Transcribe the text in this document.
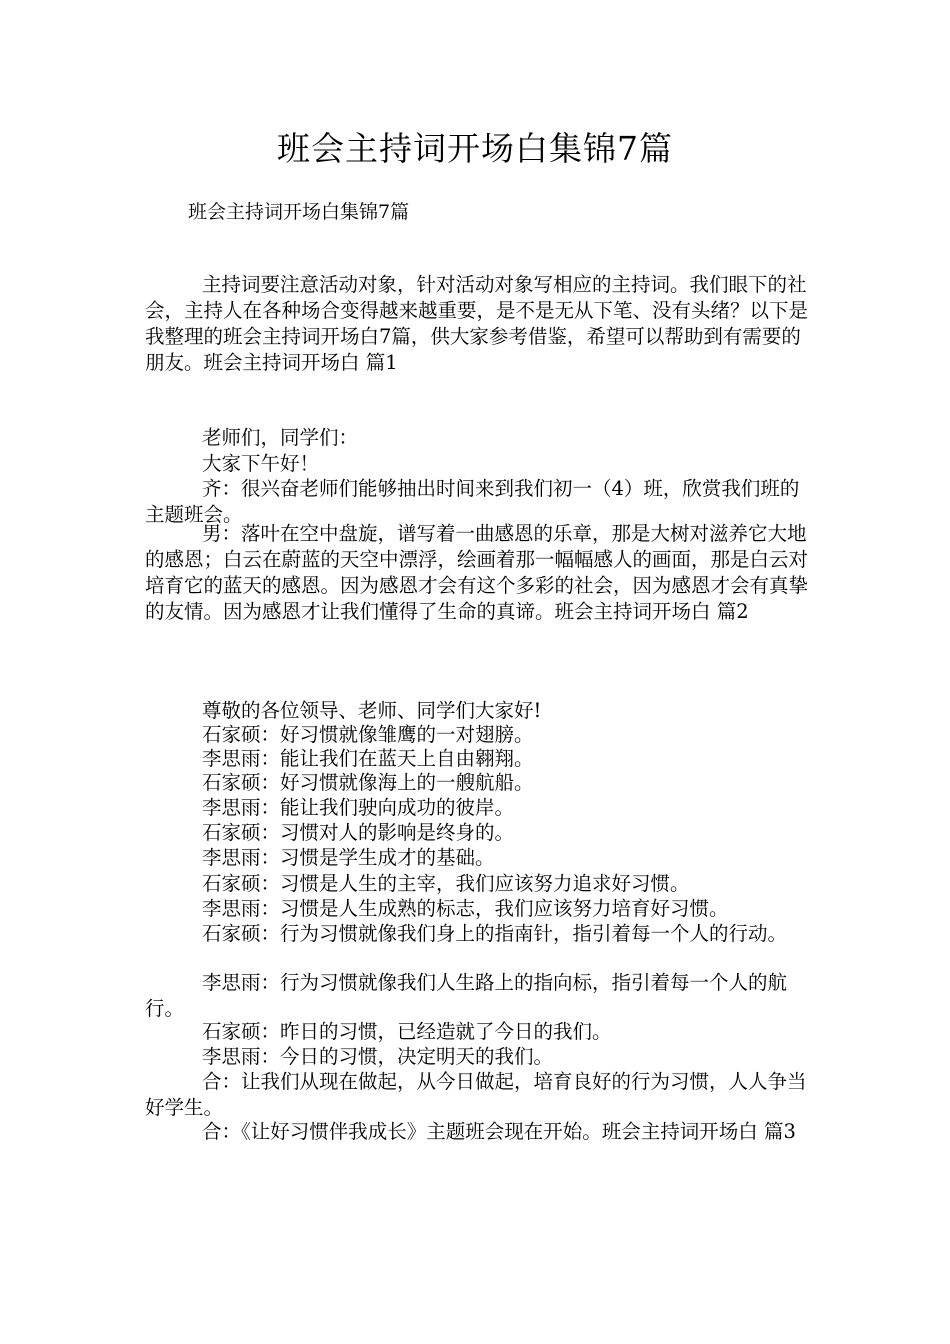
班会主持词开场白集锦7篇
班会主持词开场白集锦7篇

主持词要注意活动对象，针对活动对象写相应的主持词。我们眼下的社会，主持人在各种场合变得越来越重要，是不是无从下笔、没有头绪？以下是我整理的班会主持词开场白7篇，供大家参考借鉴，希望可以帮助到有需要的朋友。班会主持词开场白 篇1

老师们，同学们：
大家下午好！

齐：很兴奋老师们能够抽出时间来到我们初一（4）班，欣赏我们班的主题班会。

男：落叶在空中盘旋，谱写着一曲感恩的乐章，那是大树对滋养它大地的感恩；白云在蔚蓝的天空中漂浮，绘画着那一幅幅感人的画面，那是白云对培育它的蓝天的感恩。因为感恩才会有这个多彩的社会，因为感恩才会有真挚的友情。因为感恩才让我们懂得了生命的真谛。班会主持词开场白 篇2

尊敬的各位领导、老师、同学们大家好!
石家硕：好习惯就像雏鹰的一对翅膀。
李思雨：能让我们在蓝天上自由翱翔。
石家硕：好习惯就像海上的一艘航船。
李思雨：能让我们驶向成功的彼岸。
石家硕：习惯对人的影响是终身的。
李思雨：习惯是学生成才的基础。
石家硕：习惯是人生的主宰，我们应该努力追求好习惯。
李思雨：习惯是人生成熟的标志，我们应该努力培育好习惯。

石家硕：行为习惯就像我们身上的指南针，指引着每一个人的行动。

李思雨：行为习惯就像我们人生路上的指向标，指引着每一个人的航行。

石家硕：昨日的习惯，已经造就了今日的我们。
李思雨：今日的习惯，决定明天的我们。

合：让我们从现在做起，从今日做起，培育良好的行为习惯，人人争当好学生。

合：《让好习惯伴我成长》主题班会现在开始。班会主持词开场白 篇3
